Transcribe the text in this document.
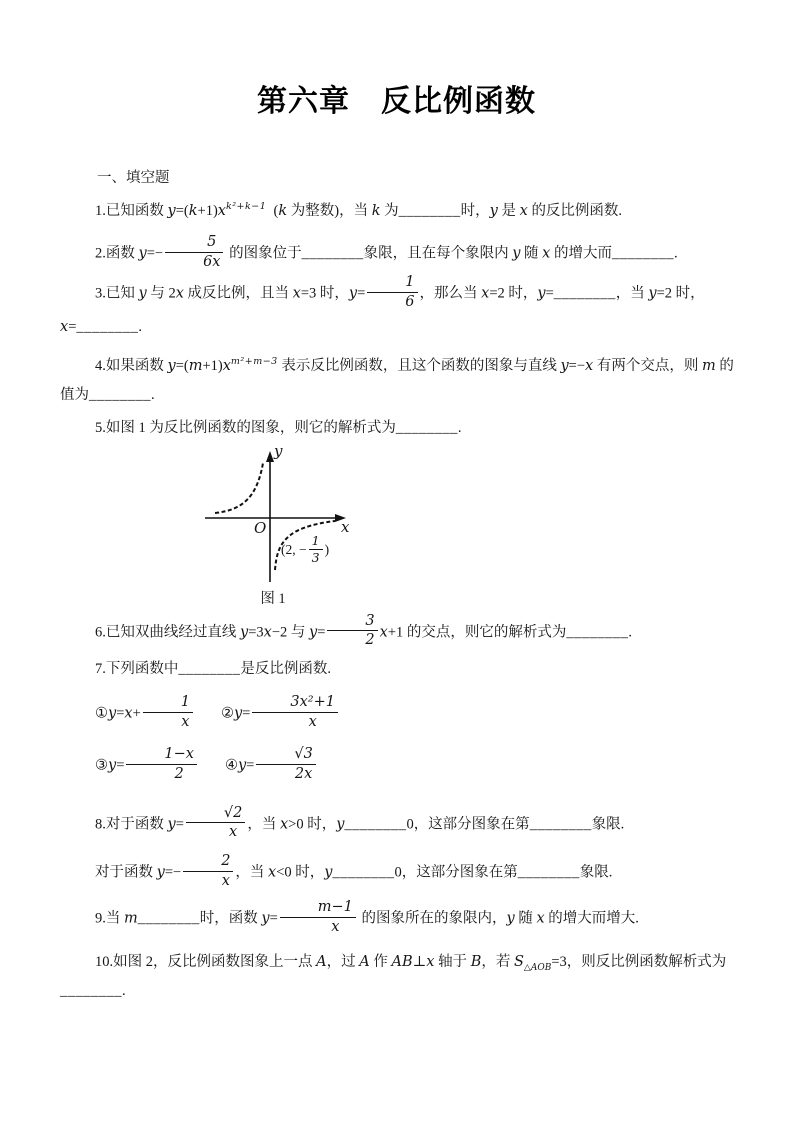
第六章　反比例函数
一、填空题

1.已知函数 $y=(k+1)x^{k^2+k-1}$  (k 为整数)，当 k 为________时，y 是 x 的反比例函数.

2.函数 $y=- \frac{5}{6x}$ 的图象位于________象限，且在每个象限内 y 随 x 的增大而________.

3.已知 y 与 2x 成反比例，且当 x=3 时，$y= \frac{1}{6}$ ，那么当 x=2 时，y=________，当 y=2 时，x=________.

4.如果函数 $y=(m+1)x^{m^2+m-3}$ 表示反比例函数，且这个函数的图象与直线 y=−x 有两个交点，则 m 的值为________.

5.如图 1 为反比例函数的图象，则它的解析式为________.

y
x
O
(2, − $\frac{1}{3}$ )
图 1

6.已知双曲线经过直线 y=3x−2 与 $y= \frac{3}{2} x+1$ 的交点，则它的解析式为________.

7.下列函数中________是反比例函数.

①y=x+ $\frac{1}{x}$ ②y= $\frac{\text{3x²+1}}{x}$

③y= $\frac{1-x}{2}$ ④y= $\frac{√3}{2x}$

8.对于函数 $y= \frac{√2}{x}$ ，当 x>0 时，y________0，这部分图象在第________象限.

对于函数 $y=- \frac{2}{x}$ ，当 x<0 时，y________0，这部分图象在第________象限.

9.当 m________时，函数 $y= \frac{m-1}{x}$ 的图象所在的象限内，y 随 x 的增大而增大.

10.如图 2，反比例函数图象上一点 A，过 A 作 AB⊥x 轴于 B，若 $S_{\triangle AOB}=3$，则反比例函数解析式为________.
